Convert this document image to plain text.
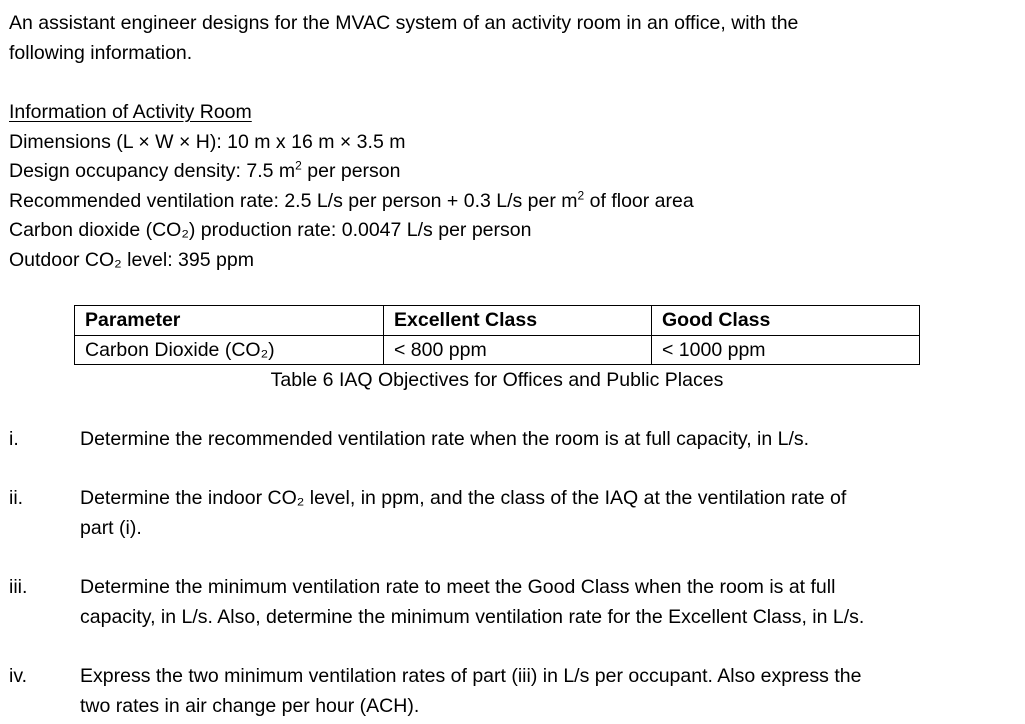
An assistant engineer designs for the MVAC system of an activity room in an office, with the
following information.
Information of Activity Room
Dimensions (L × W × H): 10 m x 16 m × 3.5 m
Design occupancy density: 7.5 $m^2$ per person
Recommended ventilation rate: 2.5 L/s per person + 0.3 L/s per $m^2$ of floor area
Carbon dioxide (CO₂) production rate: 0.0047 L/s per person
Outdoor CO₂ level: 395 ppm
Parameter	Excellent Class	Good Class
Carbon Dioxide (CO₂)	< 800 ppm	< 1000 ppm
Table 6 IAQ Objectives for Offices and Public Places
i.	Determine the recommended ventilation rate when the room is at full capacity, in L/s.
ii.	Determine the indoor CO₂ level, in ppm, and the class of the IAQ at the ventilation rate of
part (i).
iii.	Determine the minimum ventilation rate to meet the Good Class when the room is at full
capacity, in L/s. Also, determine the minimum ventilation rate for the Excellent Class, in L/s.
iv.	Express the two minimum ventilation rates of part (iii) in L/s per occupant. Also express the
two rates in air change per hour (ACH).
